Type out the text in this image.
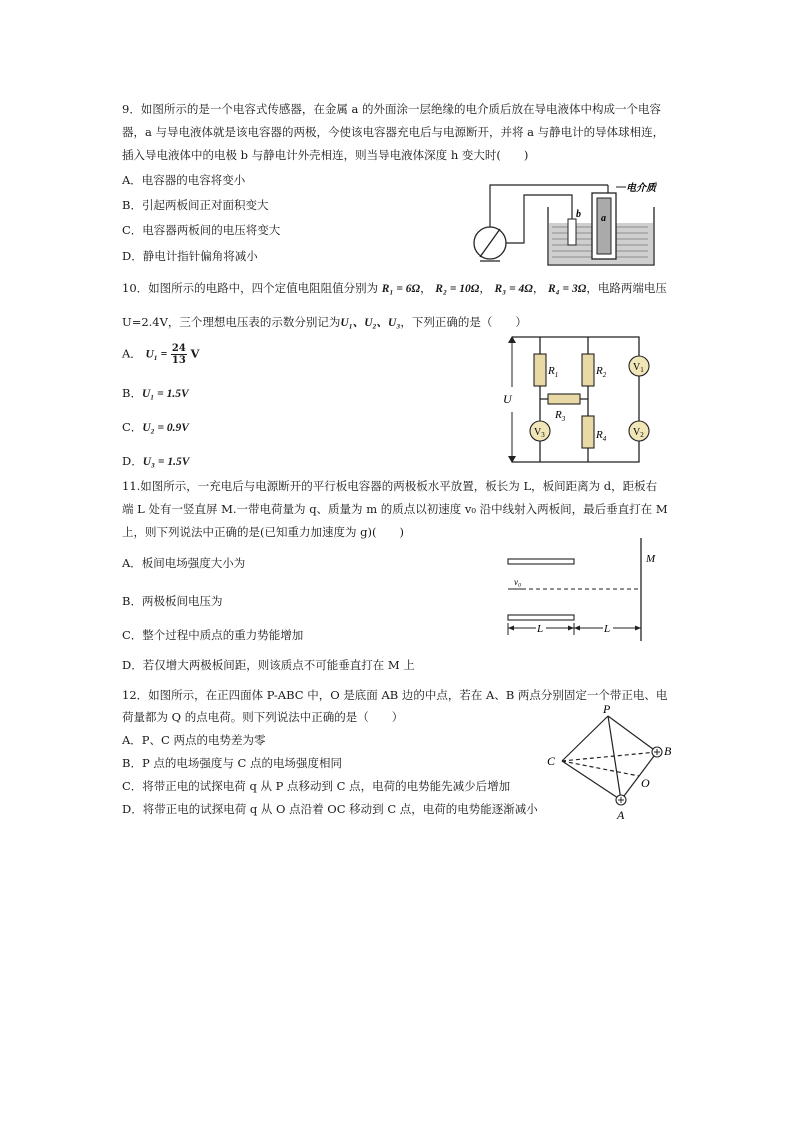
9．如图所示的是一个电容式传感器，在金属 a 的外面涂一层绝缘的电介质后放在导电液体中构成一个电容
器，a 与导电液体就是该电容器的两极，今使该电容器充电后与电源断开，并将 a 与静电计的导体球相连，
插入导电液体中的电极 b 与静电计外壳相连，则当导电液体深度 h 变大时(　　)
A．电容器的电容将变小
B．引起两板间正对面积变大
C．电容器两板间的电压将变大
D．静电计指针偏角将减小
b a
电介质
10．如图所示的电路中，四个定值电阻阻值分别为 R₁ = 6Ω， R₂ = 10Ω， R₃ = 4Ω， R₄ = 3Ω，电路两端电压
U=2.4V，三个理想电压表的示数分别记为U₁、U₂、U₃，下列正确的是（　　）
A． $U_1 = \frac{24}{13}$ V
B．U₁ = 1.5V
C．U₂ = 0.9V
D．U₃ = 1.5V
U
$R_1$	$R_2$
$R_3$
$R_4$
$V_1$
$V_2$
$V_3$
11.如图所示，一充电后与电源断开的平行板电容器的两极板水平放置，板长为 L，板间距离为 d，距板右
端 L 处有一竖直屏 M.一带电荷量为 q、质量为 m 的质点以初速度 v₀ 沿中线射入两板间，最后垂直打在 M
上，则下列说法中正确的是(已知重力加速度为 g)(　　)
A．板间电场强度大小为
B．两极板间电压为
C．整个过程中质点的重力势能增加
D．若仅增大两极板间距，则该质点不可能垂直打在 M 上
M
v₀
L	L
12．如图所示，在正四面体 P-ABC 中，O 是底面 AB 边的中点，若在 A、B 两点分别固定一个带正电、电
荷量都为 Q 的点电荷。则下列说法中正确的是（　　）
A．P、C 两点的电势差为零
B．P 点的电场强度与 C 点的电场强度相同
C．将带正电的试探电荷 q 从 P 点移动到 C 点，电荷的电势能先减少后增加
D．将带正电的试探电荷 q 从 O 点沿着 OC 移动到 C 点，电荷的电势能逐渐减小
P
B
C
O
A
